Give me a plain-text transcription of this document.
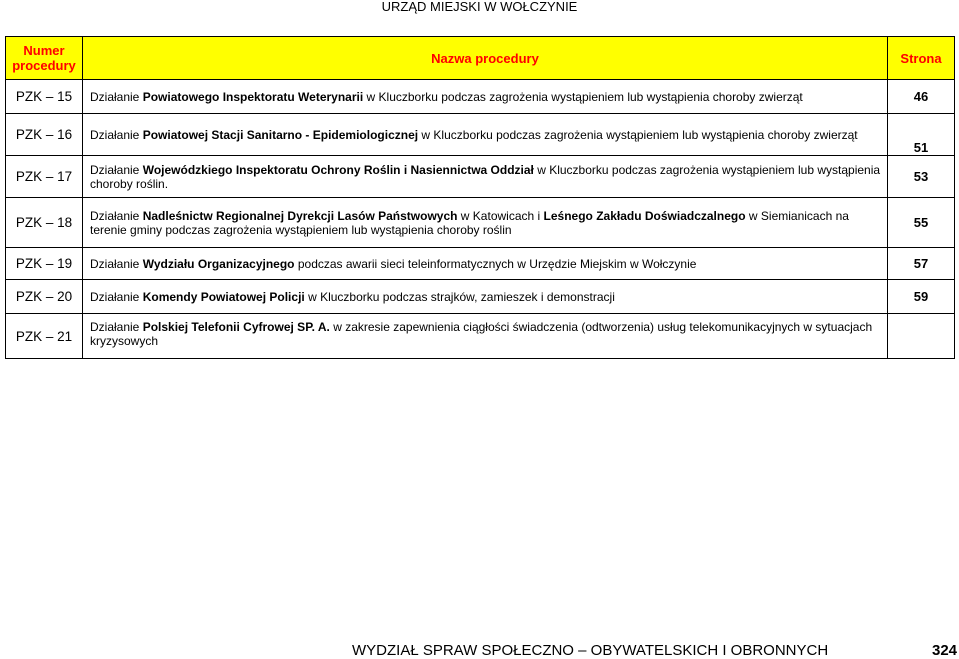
URZĄD MIEJSKI W WOŁCZYNIE
Numer procedury	Nazwa procedury	Strona
PZK – 15	Działanie Powiatowego Inspektoratu Weterynarii w Kluczborku podczas zagrożenia wystąpieniem lub wystąpienia choroby zwierząt	46
PZK – 16	Działanie Powiatowej Stacji Sanitarno - Epidemiologicznej w Kluczborku podczas zagrożenia wystąpieniem lub wystąpienia choroby zwierząt	51
PZK – 17	Działanie Wojewódzkiego Inspektoratu Ochrony Roślin i Nasiennictwa Oddział w Kluczborku podczas zagrożenia wystąpieniem lub wystąpienia choroby roślin.	53
PZK – 18	Działanie Nadleśnictw Regionalnej Dyrekcji Lasów Państwowych w Katowicach i Leśnego Zakładu Doświadczalnego w Siemianicach na terenie gminy podczas zagrożenia wystąpieniem lub wystąpienia choroby roślin	55
PZK – 19	Działanie Wydziału Organizacyjnego podczas awarii sieci teleinformatycznych w Urzędzie Miejskim w Wołczynie	57
PZK – 20	Działanie Komendy Powiatowej Policji w Kluczborku podczas strajków, zamieszek i demonstracji	59
PZK – 21	Działanie Polskiej Telefonii Cyfrowej SP. A. w zakresie zapewnienia ciągłości świadczenia (odtworzenia) usług telekomunikacyjnych w sytuacjach kryzysowych	
WYDZIAŁ SPRAW SPOŁECZNO – OBYWATELSKICH I OBRONNYCH	324
